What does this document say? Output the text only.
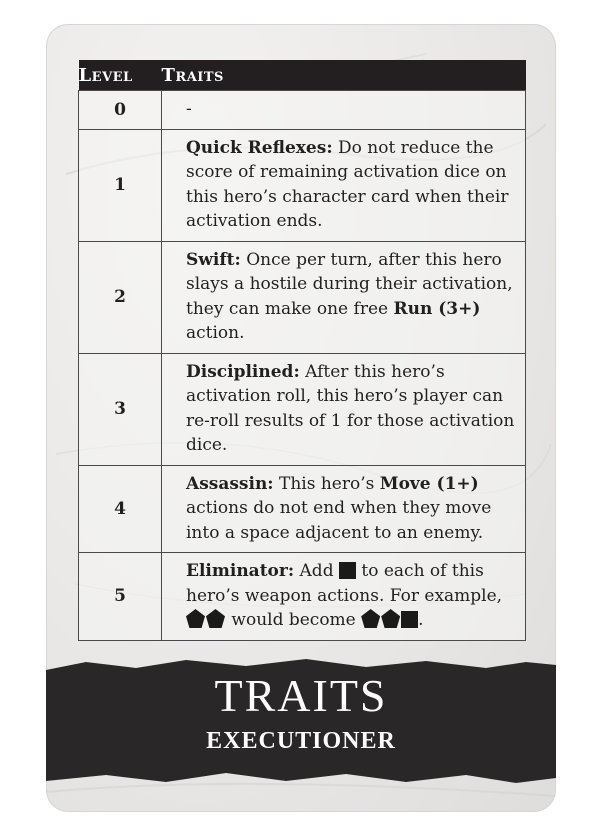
Level	Traits
0	-
1	Quick Reflexes: Do not reduce the score of remaining activation dice on this hero’s character card when their activation ends.
2	Swift: Once per turn, after this hero slays a hostile during their activation, they can make one free Run (3+) action.
3	Disciplined: After this hero’s activation roll, this hero’s player can re-roll results of 1 for those activation dice.
4	Assassin: This hero’s Move (1+) actions do not end when they move into a space adjacent to an enemy.
5	Eliminator: Add  to each of this hero’s weapon actions. For example,  would become .
TRAITS
EXECUTIONER
